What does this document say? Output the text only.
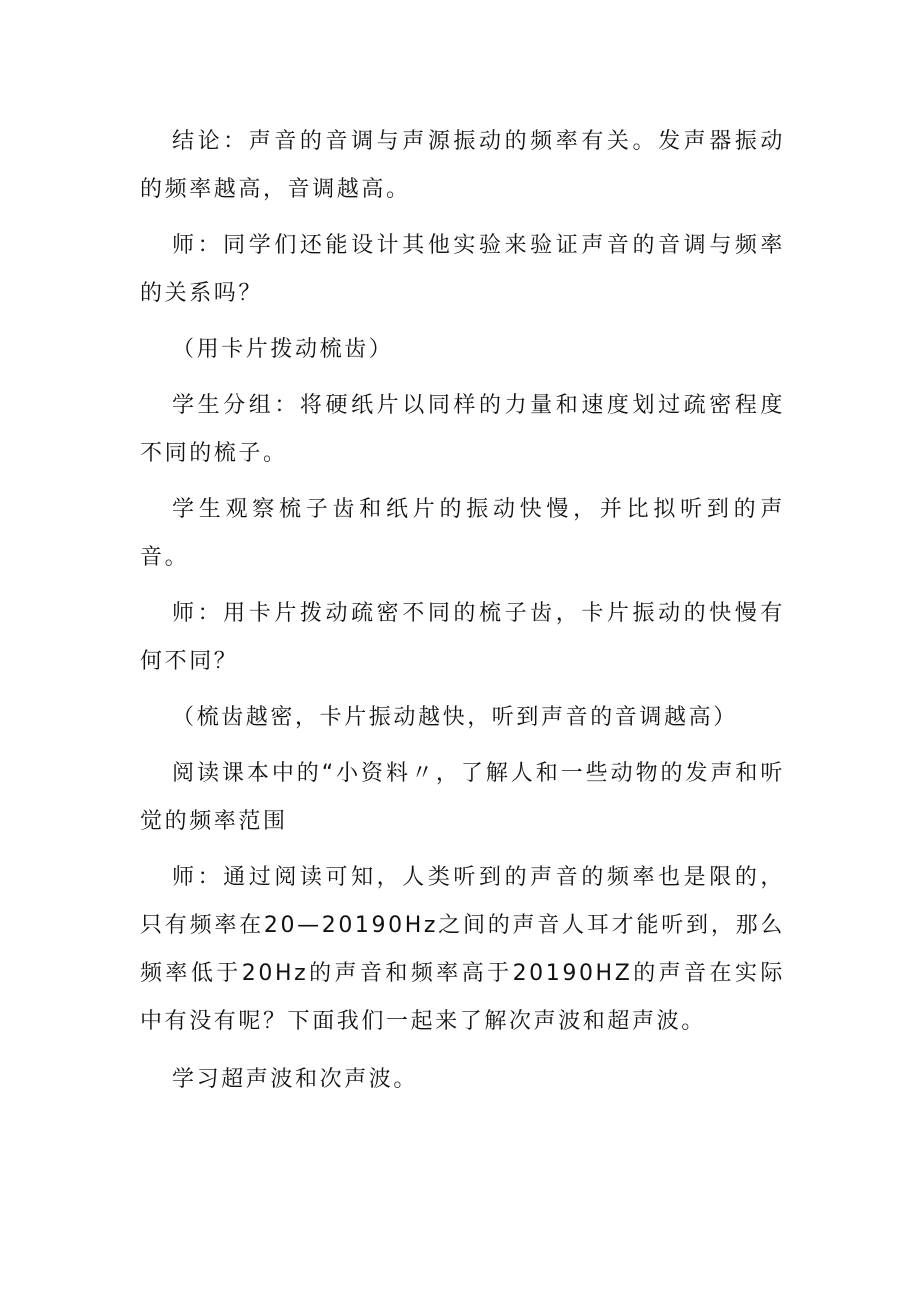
结论：声音的音调与声源振动的频率有关。发声器振动的频率越高，音调越高。

师：同学们还能设计其他实验来验证声音的音调与频率的关系吗？

（用卡片拨动梳齿）

学生分组：将硬纸片以同样的力量和速度划过疏密程度不同的梳子。

学生观察梳子齿和纸片的振动快慢，并比拟听到的声音。

师：用卡片拨动疏密不同的梳子齿，卡片振动的快慢有何不同？

（梳齿越密，卡片振动越快，听到声音的音调越高）

阅读课本中的“小资料〃，了解人和一些动物的发声和听觉的频率范围

师：通过阅读可知，人类听到的声音的频率也是限的，只有频率在20—20190Hz之间的声音人耳才能听到，那么频率低于20Hz的声音和频率高于20190HZ的声音在实际中有没有呢？下面我们一起来了解次声波和超声波。

学习超声波和次声波。
